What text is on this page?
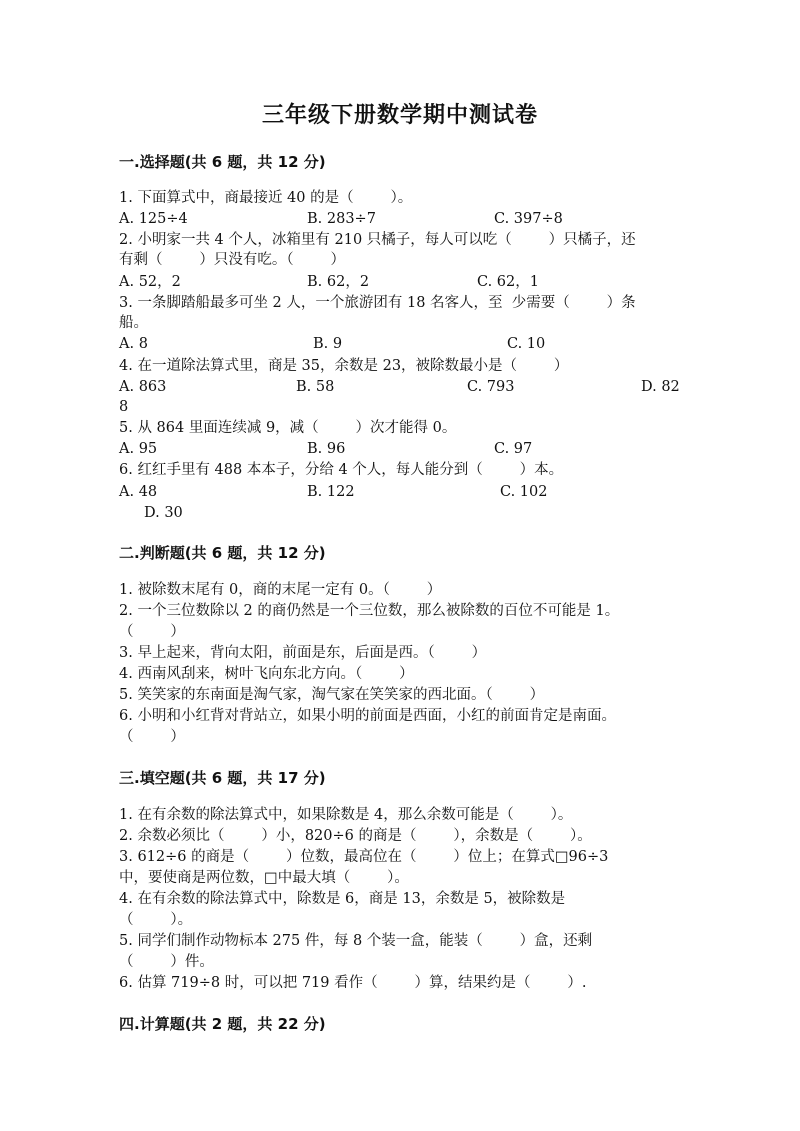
三年级下册数学期中测试卷
一.选择题(共 6 题，共 12 分)
1. 下面算式中，商最接近 40 的是（        ）。
A. 125÷4	B. 283÷7	C. 397÷8
2. 小明家一共 4 个人，冰箱里有 210 只橘子，每人可以吃（        ）只橘子，还
有剩（        ）只没有吃。（        ）
A. 52，2	B. 62，2	C. 62，1
3. 一条脚踏船最多可坐 2 人，一个旅游团有 18 名客人，至  少需要（        ）条
船。
A. 8	B. 9	C. 10
4. 在一道除法算式里，商是 35，余数是 23，被除数最小是（        ）
A. 863	B. 58	C. 793	D. 82
8
5. 从 864 里面连续减 9，减（        ）次才能得 0。
A. 95	B. 96	C. 97
6. 红红手里有 488 本本子，分给 4 个人，每人能分到（        ）本。
A. 48	B. 122	C. 102
D. 30
二.判断题(共 6 题，共 12 分)
1. 被除数末尾有 0，商的末尾一定有 0。（        ）
2. 一个三位数除以 2 的商仍然是一个三位数，那么被除数的百位不可能是 1。
（        ）
3. 早上起来，背向太阳，前面是东，后面是西。（        ）
4. 西南风刮来，树叶飞向东北方向。（        ）
5. 笑笑家的东南面是淘气家，淘气家在笑笑家的西北面。（        ）
6. 小明和小红背对背站立，如果小明的前面是西面，小红的前面肯定是南面。
（        ）
三.填空题(共 6 题，共 17 分)
1. 在有余数的除法算式中，如果除数是 4，那么余数可能是（        ）。
2. 余数必须比（        ）小，820÷6 的商是（        ），余数是（        ）。
3. 612÷6 的商是（        ）位数，最高位在（        ）位上；在算式□96÷3
中，要使商是两位数，□中最大填（        ）。
4. 在有余数的除法算式中，除数是 6，商是 13，余数是 5，被除数是
（        ）。
5. 同学们制作动物标本 275 件，每 8 个装一盒，能装（        ）盒，还剩
（        ）件。
6. 估算 719÷8 时，可以把 719 看作（        ）算，结果约是（        ）.
四.计算题(共 2 题，共 22 分)
